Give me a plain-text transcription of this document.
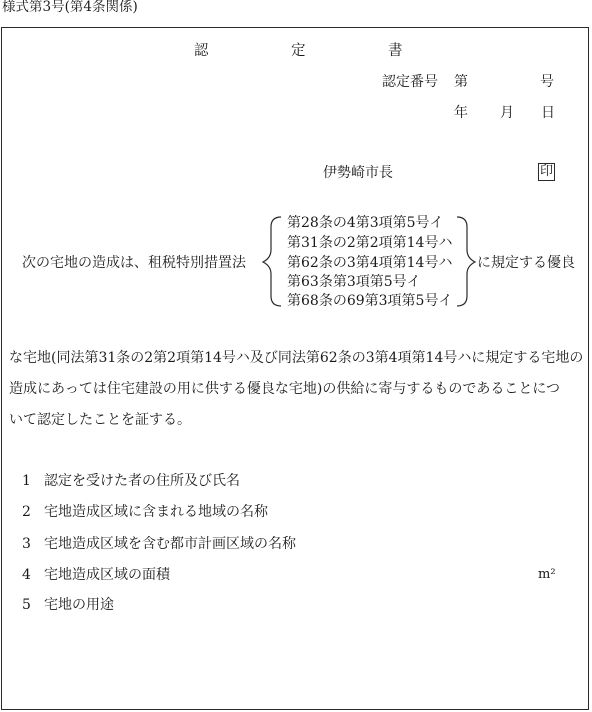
様式第3号(第4条関係)
認	定	書
認定番号 第	号
年 月 日
伊勢崎市長	印
次の宅地の造成は、租税特別措置法
第28条の4第3項第5号イ
第31条の2第2項第14号ハ
第62条の3第4項第14号ハ
第63条第3項第5号イ
第68条の69第3項第5号イ
に規定する優良
な宅地(同法第31条の2第2項第14号ハ及び同法第62条の3第4項第14号ハに規定する宅地の
造成にあっては住宅建設の用に供する優良な宅地)の供給に寄与するものであることにつ
いて認定したことを証する。
1 認定を受けた者の住所及び氏名
2 宅地造成区域に含まれる地域の名称
3 宅地造成区域を含む都市計画区域の名称
4 宅地造成区域の面積	m²
5 宅地の用途
